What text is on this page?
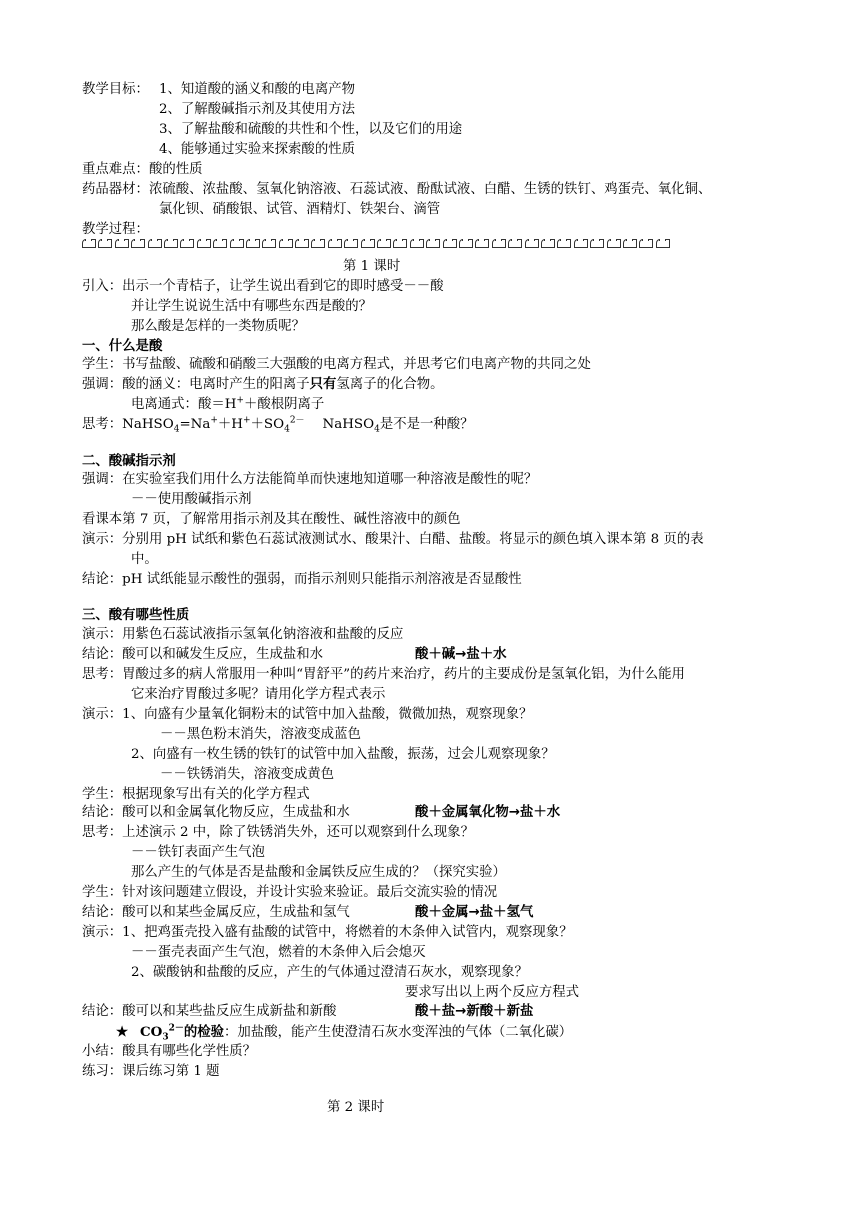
教学目标： 1、知道酸的涵义和酸的电离产物
2、了解酸碱指示剂及其使用方法
3、了解盐酸和硫酸的共性和个性，以及它们的用途
4、能够通过实验来探索酸的性质
重点难点：酸的性质
药品器材：浓硫酸、浓盐酸、氢氧化钠溶液、石蕊试液、酚酞试液、白醋、生锈的铁钉、鸡蛋壳、氧化铜、
氯化钡、硝酸银、试管、酒精灯、铁架台、滴管
教学过程：
第 1 课时
引入：出示一个青桔子，让学生说出看到它的即时感受－－酸
并让学生说说生活中有哪些东西是酸的？
那么酸是怎样的一类物质呢？
一、什么是酸
学生：书写盐酸、硫酸和硝酸三大强酸的电离方程式，并思考它们电离产物的共同之处
强调：酸的涵义：电离时产生的阳离子只有氢离子的化合物。
电离通式：酸＝H+＋酸根阴离子
思考：$NaHSO_4=Na^++H^++SO_4^{2-}$ NaHSO$_4$是不是一种酸？
二、酸碱指示剂
强调：在实验室我们用什么方法能简单而快速地知道哪一种溶液是酸性的呢？
－－使用酸碱指示剂
看课本第 7 页，了解常用指示剂及其在酸性、碱性溶液中的颜色
演示：分别用 pH 试纸和紫色石蕊试液测试水、酸果汁、白醋、盐酸。将显示的颜色填入课本第 8 页的表
中。
结论：pH 试纸能显示酸性的强弱，而指示剂则只能指示剂溶液是否显酸性
三、酸有哪些性质
演示：用紫色石蕊试液指示氢氧化钠溶液和盐酸的反应
结论：酸可以和碱发生反应，生成盐和水	酸＋碱→盐＋水
思考：胃酸过多的病人常服用一种叫“胃舒平”的药片来治疗，药片的主要成份是氢氧化铝，为什么能用
它来治疗胃酸过多呢？请用化学方程式表示
演示：1、向盛有少量氧化铜粉末的试管中加入盐酸，微微加热，观察现象？
－－黑色粉末消失，溶液变成蓝色
2、向盛有一枚生锈的铁钉的试管中加入盐酸，振荡，过会儿观察现象？
－－铁锈消失，溶液变成黄色
学生：根据现象写出有关的化学方程式
结论：酸可以和金属氧化物反应，生成盐和水	酸＋金属氧化物→盐＋水
思考：上述演示 2 中，除了铁锈消失外，还可以观察到什么现象？
－－铁钉表面产生气泡
那么产生的气体是否是盐酸和金属铁反应生成的？（探究实验）
学生：针对该问题建立假设，并设计实验来验证。最后交流实验的情况
结论：酸可以和某些金属反应，生成盐和氢气	酸＋金属→盐＋氢气
演示：1、把鸡蛋壳投入盛有盐酸的试管中，将燃着的木条伸入试管内，观察现象？
－－蛋壳表面产生气泡，燃着的木条伸入后会熄灭
2、碳酸钠和盐酸的反应，产生的气体通过澄清石灰水，观察现象？
要求写出以上两个反应方程式
结论：酸可以和某些盐反应生成新盐和新酸	酸＋盐→新酸＋新盐
★ $CO_3^{2-}$的检验：加盐酸，能产生使澄清石灰水变浑浊的气体（二氧化碳）
小结：酸具有哪些化学性质？
练习：课后练习第 1 题
第 2 课时
